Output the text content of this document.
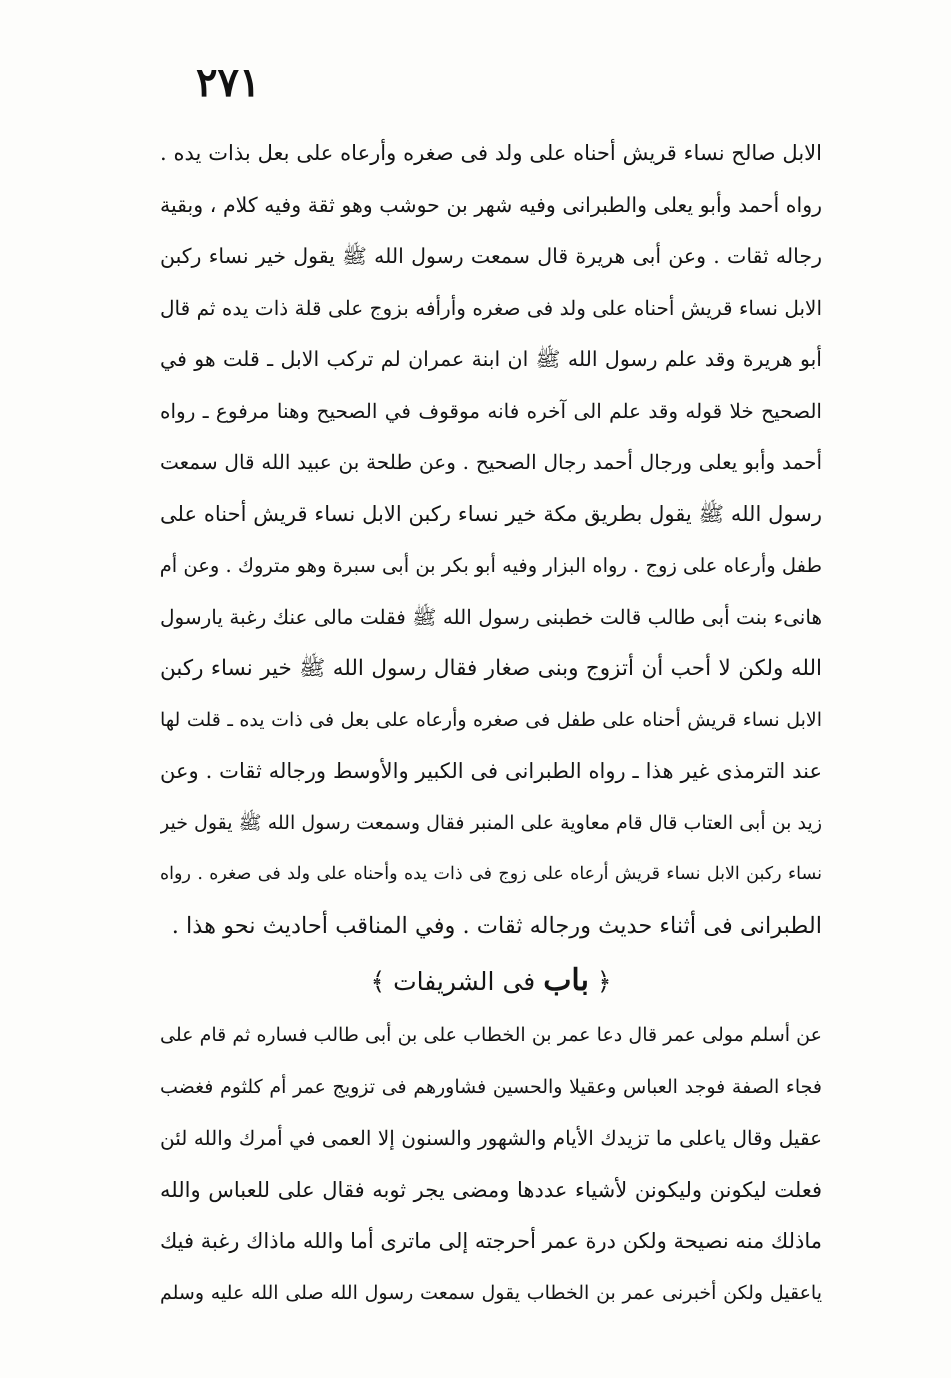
٢٧١
الابل صالح نساء قريش أحناه على ولد فى صغره وأرعاه على بعل بذات يده .
رواه أحمد وأبو يعلى والطبرانى وفيه شهر بن حوشب وهو ثقة وفيه كلام ، وبقية
رجاله ثقات . وعن أبى هريرة قال سمعت رسول الله ﷺ يقول خير نساء ركبن
الابل نساء قريش أحناه على ولد فى صغره وأرأفه بزوج على قلة ذات يده ثم قال
أبو هريرة وقد علم رسول الله ﷺ ان ابنة عمران لم تركب الابل ـ قلت هو في
الصحيح خلا قوله وقد علم الى آخره فانه موقوف في الصحيح وهنا مرفوع ـ رواه
أحمد وأبو يعلى ورجال أحمد رجال الصحيح . وعن طلحة بن عبيد الله قال سمعت
رسول الله ﷺ يقول بطريق مكة خير نساء ركبن الابل نساء قريش أحناه على
طفل وأرعاه على زوج . رواه البزار وفيه أبو بكر بن أبى سبرة وهو متروك . وعن أم
هانىء بنت أبى طالب قالت خطبنى رسول الله ﷺ فقلت مالى عنك رغبة يارسول
الله ولكن لا أحب أن أتزوج وبنى صغار فقال رسول الله ﷺ خير نساء ركبن
الابل نساء قريش أحناه على طفل فى صغره وأرعاه على بعل فى ذات يده ـ قلت لها
عند الترمذى غير هذا ـ رواه الطبرانى فى الكبير والأوسط ورجاله ثقات . وعن
زيد بن أبى العتاب قال قام معاوية على المنبر فقال وسمعت رسول الله ﷺ يقول خير
نساء ركبن الابل نساء قريش أرعاه على زوج فى ذات يده وأحناه على ولد فى صغره . رواه
الطبرانى فى أثناء حديث ورجاله ثقات . وفي المناقب أحاديث نحو هذا .
﴿ باب فى الشريفات ﴾
عن أسلم مولى عمر قال دعا عمر بن الخطاب على بن أبى طالب فساره ثم قام على
فجاء الصفة فوجد العباس وعقيلا والحسين فشاورهم فى تزويج عمر أم كلثوم فغضب
عقيل وقال ياعلى ما تزيدك الأيام والشهور والسنون إلا العمى في أمرك والله لئن
فعلت ليكونن وليكونن لأشياء عددها ومضى يجر ثوبه فقال على للعباس والله
ماذلك منه نصيحة ولكن درة عمر أحرجته إلى ماترى أما والله ماذاك رغبة فيك
ياعقيل ولكن أخبرنى عمر بن الخطاب يقول سمعت رسول الله صلى الله عليه وسلم
